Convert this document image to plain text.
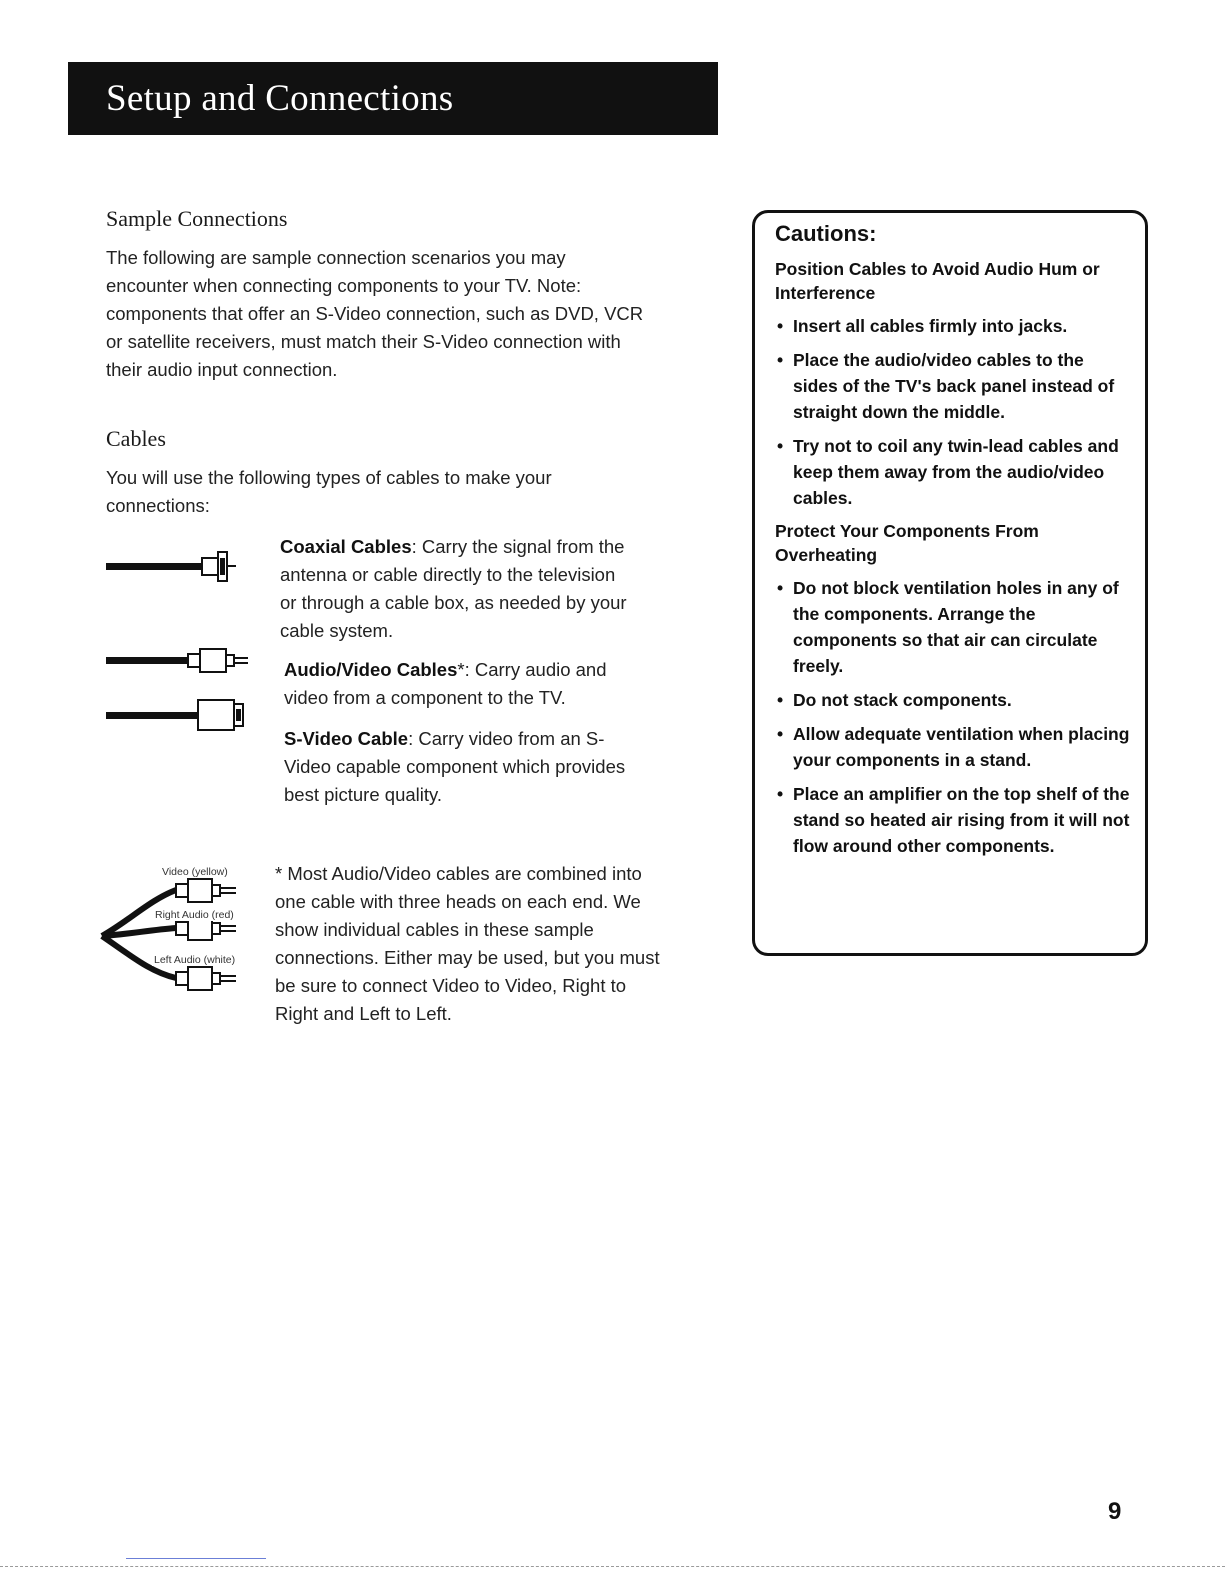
Setup and Connections
Sample Connections
The following are sample connection scenarios you may
encounter when connecting components to your TV. Note:
components that offer an S-Video connection, such as DVD, VCR
or satellite receivers, must match their S-Video connection with
their audio input connection.
Cables
You will use the following types of cables to make your
connections:
Coaxial Cables: Carry the signal from the
antenna or cable directly to the television
or through a cable box, as needed by your
cable system.
Audio/Video Cables*: Carry audio and
video from a component to the TV.
S-Video Cable: Carry video from an S-
Video capable component which provides
best picture quality.
Video (yellow)
Right Audio (red)
Left Audio (white)
* Most Audio/Video cables are combined into
one cable with three heads on each end. We
show individual cables in these sample
connections. Either may be used, but you must
be sure to connect Video to Video, Right to
Right and Left to Left.
Cautions:
Position Cables to Avoid Audio Hum or Interference
• Insert all cables firmly into jacks.
• Place the audio/video cables to the sides of the TV's back panel instead of straight down the middle.
• Try not to coil any twin-lead cables and keep them away from the audio/video cables.
Protect Your Components From Overheating
• Do not block ventilation holes in any of the components. Arrange the components so that air can circulate freely.
• Do not stack components.
• Allow adequate ventilation when placing your components in a stand.
• Place an amplifier on the top shelf of the stand so heated air rising from it will not flow around other components.

9
